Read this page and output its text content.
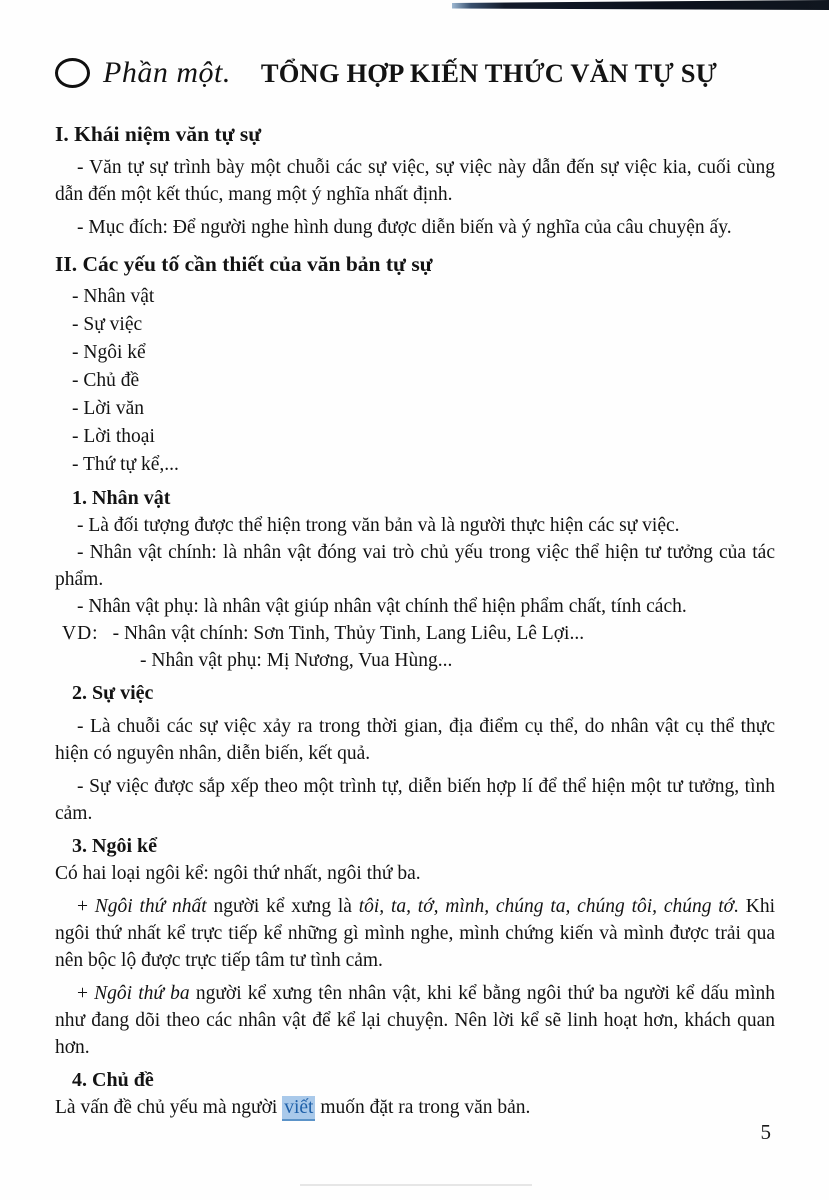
Phần một. TỔNG HỢP KIẾN THỨC VĂN TỰ SỰ

I. Khái niệm văn tự sự

- Văn tự sự trình bày một chuỗi các sự việc, sự việc này dẫn đến sự việc kia, cuối cùng dẫn đến một kết thúc, mang một ý nghĩa nhất định.

- Mục đích: Để người nghe hình dung được diễn biến và ý nghĩa của câu chuyện ấy.

II. Các yếu tố cần thiết của văn bản tự sự

- Nhân vật

- Sự việc

- Ngôi kể

- Chủ đề

- Lời văn

- Lời thoại

- Thứ tự kể,...

1. Nhân vật

- Là đối tượng được thể hiện trong văn bản và là người thực hiện các sự việc.

- Nhân vật chính: là nhân vật đóng vai trò chủ yếu trong việc thể hiện tư tưởng của tác phẩm.

- Nhân vật phụ: là nhân vật giúp nhân vật chính thể hiện phẩm chất, tính cách.

VD: - Nhân vật chính: Sơn Tinh, Thủy Tinh, Lang Liêu, Lê Lợi...

- Nhân vật phụ: Mị Nương, Vua Hùng...

2. Sự việc

- Là chuỗi các sự việc xảy ra trong thời gian, địa điểm cụ thể, do nhân vật cụ thể thực hiện có nguyên nhân, diễn biến, kết quả.

- Sự việc được sắp xếp theo một trình tự, diễn biến hợp lí để thể hiện một tư tưởng, tình cảm.

3. Ngôi kể

Có hai loại ngôi kể: ngôi thứ nhất, ngôi thứ ba.

+ Ngôi thứ nhất người kể xưng là tôi, ta, tớ, mình, chúng ta, chúng tôi, chúng tớ. Khi ngôi thứ nhất kể trực tiếp kể những gì mình nghe, mình chứng kiến và mình được trải qua nên bộc lộ được trực tiếp tâm tư tình cảm.

+ Ngôi thứ ba người kể xưng tên nhân vật, khi kể bằng ngôi thứ ba người kể dấu mình như đang dõi theo các nhân vật để kể lại chuyện. Nên lời kể sẽ linh hoạt hơn, khách quan hơn.

4. Chủ đề

Là vấn đề chủ yếu mà người viết muốn đặt ra trong văn bản.

5
